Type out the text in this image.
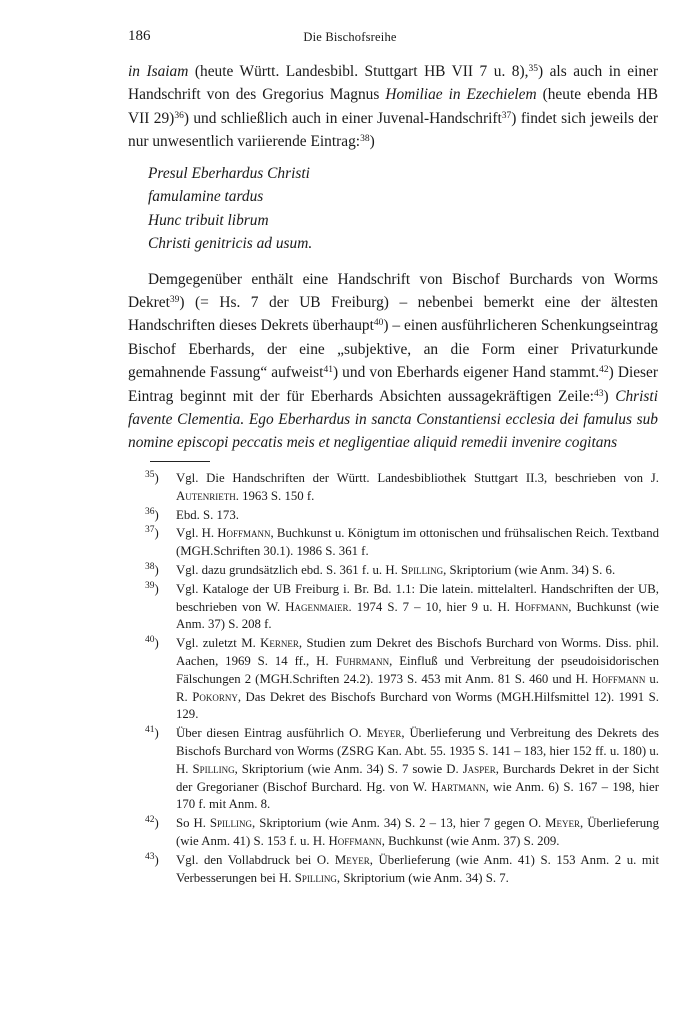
186	Die Bischofsreihe

in Isaiam (heute Württ. Landesbibl. Stuttgart HB VII 7 u. 8),$^{35}$) als auch in einer Handschrift von des Gregorius Magnus Homiliae in Ezechielem (heute ebenda HB VII 29)$^{36}$) und schließlich auch in einer Juvenal-Handschrift$^{37}$) findet sich jeweils der nur unwesentlich variierende Eintrag:$^{38}$)

Presul Eberhardus Christi
famulamine tardus
Hunc tribuit librum
Christi genitricis ad usum.

Demgegenüber enthält eine Handschrift von Bischof Burchards von Worms Dekret$^{39}$) (= Hs. 7 der UB Freiburg) – nebenbei bemerkt eine der ältesten Handschriften dieses Dekrets überhaupt$^{40}$) – einen ausführlicheren Schenkungseintrag Bischof Eberhards, der eine „subjektive, an die Form einer Privaturkunde gemahnende Fassung“ aufweist$^{41}$) und von Eberhards eigener Hand stammt.$^{42}$) Dieser Eintrag beginnt mit der für Eberhards Absichten aussagekräftigen Zeile:$^{43}$) Christi favente Clementia. Ego Eberhardus in sancta Constantiensi ecclesia dei famulus sub nomine episcopi peccatis meis et negligentiae aliquid remedii invenire cogitans

$^{35}$) Vgl. Die Handschriften der Württ. Landesbibliothek Stuttgart II.3, beschrieben von J. Autenrieth. 1963 S. 150 f.
$^{36}$) Ebd. S. 173.
$^{37}$) Vgl. H. Hoffmann, Buchkunst u. Königtum im ottonischen und frühsalischen Reich. Textband (MGH.Schriften 30.1). 1986 S. 361 f.
$^{38}$) Vgl. dazu grundsätzlich ebd. S. 361 f. u. H. Spilling, Skriptorium (wie Anm. 34) S. 6.
$^{39}$) Vgl. Kataloge der UB Freiburg i. Br. Bd. 1.1: Die latein. mittelalterl. Handschriften der UB, beschrieben von W. Hagenmaier. 1974 S. 7 – 10, hier 9 u. H. Hoffmann, Buchkunst (wie Anm. 37) S. 208 f.
$^{40}$) Vgl. zuletzt M. Kerner, Studien zum Dekret des Bischofs Burchard von Worms. Diss. phil. Aachen, 1969 S. 14 ff., H. Fuhrmann, Einfluß und Verbreitung der pseudoisidorischen Fälschungen 2 (MGH.Schriften 24.2). 1973 S. 453 mit Anm. 81 S. 460 und H. Hoffmann u. R. Pokorny, Das Dekret des Bischofs Burchard von Worms (MGH.Hilfsmittel 12). 1991 S. 129.
$^{41}$) Über diesen Eintrag ausführlich O. Meyer, Überlieferung und Verbreitung des Dekrets des Bischofs Burchard von Worms (ZSRG Kan. Abt. 55. 1935 S. 141 – 183, hier 152 ff. u. 180) u. H. Spilling, Skriptorium (wie Anm. 34) S. 7 sowie D. Jasper, Burchards Dekret in der Sicht der Gregorianer (Bischof Burchard. Hg. von W. Hartmann, wie Anm. 6) S. 167 – 198, hier 170 f. mit Anm. 8.
$^{42}$) So H. Spilling, Skriptorium (wie Anm. 34) S. 2 – 13, hier 7 gegen O. Meyer, Überlieferung (wie Anm. 41) S. 153 f. u. H. Hoffmann, Buchkunst (wie Anm. 37) S. 209.
$^{43}$) Vgl. den Vollabdruck bei O. Meyer, Überlieferung (wie Anm. 41) S. 153 Anm. 2 u. mit Verbesserungen bei H. Spilling, Skriptorium (wie Anm. 34) S. 7.
